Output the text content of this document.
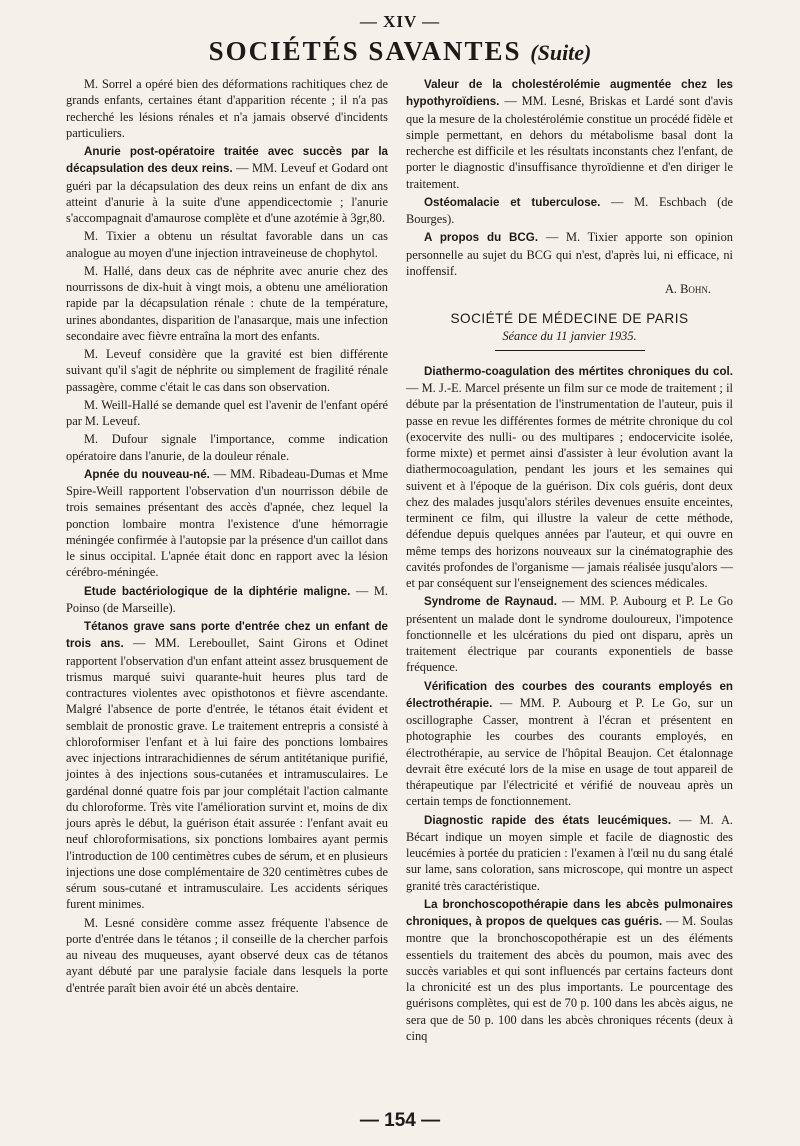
— XIV —
SOCIÉTÉS SAVANTES (Suite)

M. Sorrel a opéré bien des déformations rachitiques chez de grands enfants, certaines étant d'apparition récente ; il n'a pas recherché les lésions rénales et n'a jamais observé d'incidents particuliers.

Anurie post-opératoire traitée avec succès par la décapsulation des deux reins. — MM. Leveuf et Godard ont guéri par la décapsulation des deux reins un enfant de dix ans atteint d'anurie à la suite d'une appendicectomie ; l'anurie s'accompagnait d'amaurose complète et d'une azotémie à 3gr,80.

M. Tixier a obtenu un résultat favorable dans un cas analogue au moyen d'une injection intraveineuse de chophytol.

M. Hallé, dans deux cas de néphrite avec anurie chez des nourrissons de dix-huit à vingt mois, a obtenu une amélioration rapide par la décapsulation rénale : chute de la température, urines abondantes, disparition de l'anasarque, mais une infection secondaire avec fièvre entraîna la mort des enfants.

M. Leveuf considère que la gravité est bien différente suivant qu'il s'agit de néphrite ou simplement de fragilité rénale passagère, comme c'était le cas dans son observation.

M. Weill-Hallé se demande quel est l'avenir de l'enfant opéré par M. Leveuf.

M. Dufour signale l'importance, comme indication opératoire dans l'anurie, de la douleur rénale.

Apnée du nouveau-né. — MM. Ribadeau-Dumas et Mme Spire-Weill rapportent l'observation d'un nourrisson débile de trois semaines présentant des accès d'apnée, chez lequel la ponction lombaire montra l'existence d'une hémorragie méningée confirmée à l'autopsie par la présence d'un caillot dans le sinus occipital. L'apnée était donc en rapport avec la lésion cérébro-méningée.

Etude bactériologique de la diphtérie maligne. — M. Poinso (de Marseille).

Tétanos grave sans porte d'entrée chez un enfant de trois ans. — MM. Lereboullet, Saint Girons et Odinet rapportent l'observation d'un enfant atteint assez brusquement de trismus marqué suivi quarante-huit heures plus tard de contractures violentes avec opisthotonos et fièvre ascendante. Malgré l'absence de porte d'entrée, le tétanos était évident et semblait de pronostic grave. Le traitement entrepris a consisté à chloroformiser l'enfant et à lui faire des ponctions lombaires avec injections intrarachidiennes de sérum antitétanique purifié, jointes à des injections sous-cutanées et intramusculaires. Le gardénal donné quatre fois par jour complétait l'action calmante du chloroforme. Très vite l'amélioration survint et, moins de dix jours après le début, la guérison était assurée : l'enfant avait eu neuf chloroformisations, six ponctions lombaires ayant permis l'introduction de 100 centimètres cubes de sérum, et en plusieurs injections une dose complémentaire de 320 centimètres cubes de sérum sous-cutané et intramusculaire. Les accidents sériques furent minimes.

M. Lesné considère comme assez fréquente l'absence de porte d'entrée dans le tétanos ; il conseille de la chercher parfois au niveau des muqueuses, ayant observé deux cas de tétanos ayant débuté par une paralysie faciale dans lesquels la porte d'entrée paraît bien avoir été un abcès dentaire.

Valeur de la cholestérolémie augmentée chez les hypothyroïdiens. — MM. Lesné, Briskas et Lardé sont d'avis que la mesure de la cholestérolémie constitue un procédé fidèle et simple permettant, en dehors du métabolisme basal dont la recherche est difficile et les résultats inconstants chez l'enfant, de porter le diagnostic d'insuffisance thyroïdienne et d'en diriger le traitement.

Ostéomalacie et tuberculose. — M. Eschbach (de Bourges).

A propos du BCG. — M. Tixier apporte son opinion personnelle au sujet du BCG qui n'est, d'après lui, ni efficace, ni inoffensif.

A. Bohn.
SOCIÉTÉ DE MÉDECINE DE PARIS
Séance du 11 janvier 1935.

Diathermo-coagulation des mértites chroniques du col. — M. J.-E. Marcel présente un film sur ce mode de traitement ; il débute par la présentation de l'instrumentation de l'auteur, puis il passe en revue les différentes formes de métrite chronique du col (exocervite des nulli- ou des multipares ; endocervicite isolée, forme mixte) et permet ainsi d'assister à leur évolution avant la diathermocoagulation, pendant les jours et les semaines qui suivent et à l'époque de la guérison. Dix cols guéris, dont deux chez des malades jusqu'alors stériles devenues ensuite enceintes, terminent ce film, qui illustre la valeur de cette méthode, défendue depuis quelques années par l'auteur, et qui ouvre en même temps des horizons nouveaux sur la cinématographie des cavités profondes de l'organisme — jamais réalisée jusqu'alors — et par conséquent sur l'enseignement des sciences médicales.

Syndrome de Raynaud. — MM. P. Aubourg et P. Le Go présentent un malade dont le syndrome douloureux, l'impotence fonctionnelle et les ulcérations du pied ont disparu, après un traitement électrique par courants exponentiels de basse fréquence.

Vérification des courbes des courants employés en électrothérapie. — MM. P. Aubourg et P. Le Go, sur un oscillographe Casser, montrent à l'écran et présentent en photographie les courbes des courants employés, en électrothérapie, au service de l'hôpital Beaujon. Cet étalonnage devrait être exécuté lors de la mise en usage de tout appareil de thérapeutique par l'électricité et vérifié de nouveau après un certain temps de fonctionnement.

Diagnostic rapide des états leucémiques. — M. A. Bécart indique un moyen simple et facile de diagnostic des leucémies à portée du praticien : l'examen à l'œil nu du sang étalé sur lame, sans coloration, sans microscope, qui montre un aspect granité très caractéristique.

La bronchoscopothérapie dans les abcès pulmonaires chroniques, à propos de quelques cas guéris. — M. Soulas montre que la bronchoscopothérapie est un des éléments essentiels du traitement des abcès du poumon, mais avec des succès variables et qui sont influencés par certains facteurs dont la chronicité est un des plus importants. Le pourcentage des guérisons complètes, qui est de 70 p. 100 dans les abcès aigus, ne sera que de 50 p. 100 dans les abcès chroniques récents (deux à cinq

— 154 —
